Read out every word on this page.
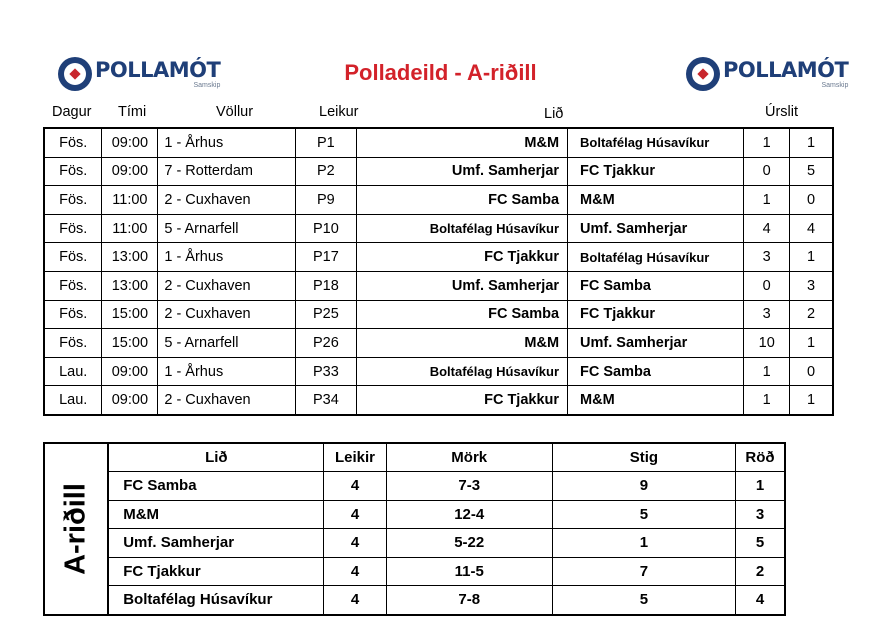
POLLAMÓT
Samskip
POLLAMÓT
Samskip
Polladeild - A-riðill
Dagur Tími	Völlur	Leikur	Lið	Úrslit
Fös.	09:00	1 - Århus	P1	M&M	Boltafélag Húsavíkur	1	1
Fös.	09:00	7 - Rotterdam	P2	Umf. Samherjar	FC Tjakkur	0	5
Fös.	11:00	2 - Cuxhaven	P9	FC Samba	M&M	1	0
Fös.	11:00	5 - Arnarfell	P10	Boltafélag Húsavíkur	Umf. Samherjar	4	4
Fös.	13:00	1 - Århus	P17	FC Tjakkur	Boltafélag Húsavíkur	3	1
Fös.	13:00	2 - Cuxhaven	P18	Umf. Samherjar	FC Samba	0	3
Fös.	15:00	2 - Cuxhaven	P25	FC Samba	FC Tjakkur	3	2
Fös.	15:00	5 - Arnarfell	P26	M&M	Umf. Samherjar	10	1
Lau.	09:00	1 - Århus	P33	Boltafélag Húsavíkur	FC Samba	1	0
Lau.	09:00	2 - Cuxhaven	P34	FC Tjakkur	M&M	1	1
A-riðill	Lið	Leikir	Mörk	Stig	Röð
	FC Samba	4	7-3	9	1
	M&M	4	12-4	5	3
	Umf. Samherjar	4	5-22	1	5
	FC Tjakkur	4	11-5	7	2
	Boltafélag Húsavíkur	4	7-8	5	4
